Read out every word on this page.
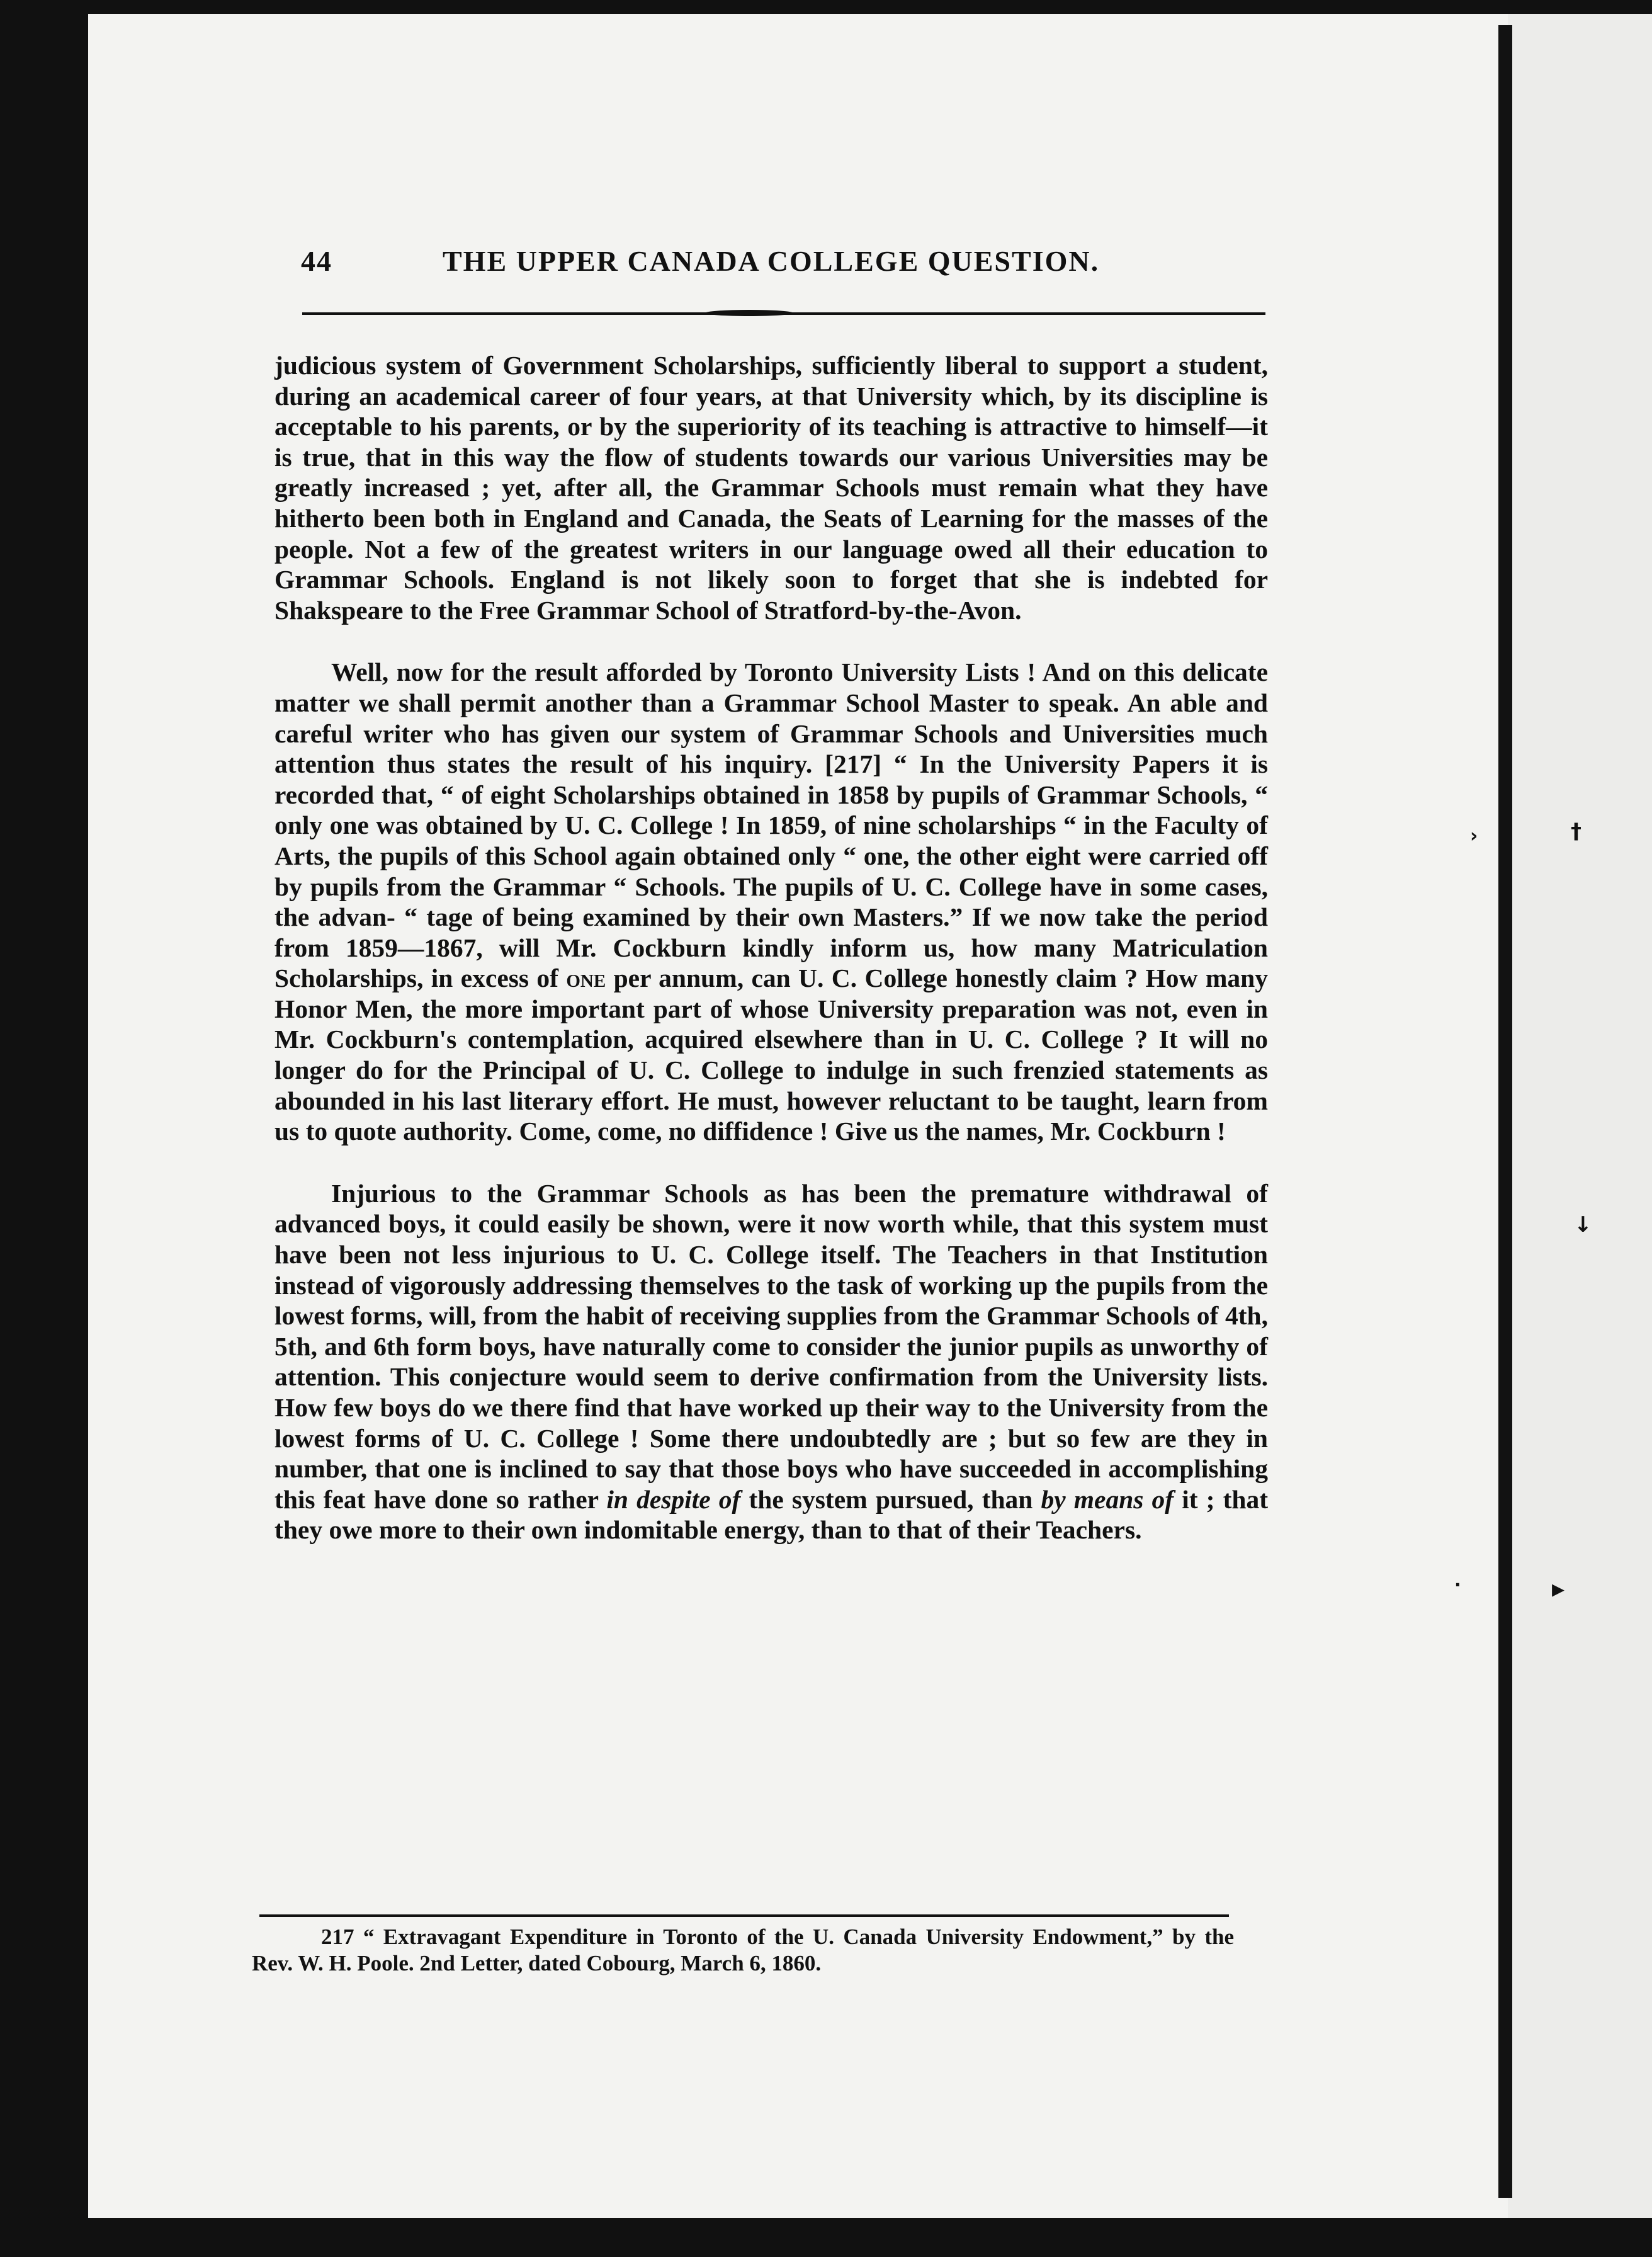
44	THE UPPER CANADA COLLEGE QUESTION.

judicious system of Government Scholarships, sufficiently liberal to support a student, during an academical career of four years, at that University which, by its discipline is acceptable to his parents, or by the superiority of its teaching is attractive to himself—it is true, that in this way the flow of students towards our various Universities may be greatly increased ; yet, after all, the Grammar Schools must remain what they have hitherto been both in England and Canada, the Seats of Learning for the masses of the people. Not a few of the greatest writers in our language owed all their education to Grammar Schools. England is not likely soon to forget that she is indebted for Shakspeare to the Free Grammar School of Stratford-by-the-Avon.

Well, now for the result afforded by Toronto University Lists ! And on this delicate matter we shall permit another than a Grammar School Master to speak. An able and careful writer who has given our system of Grammar Schools and Universities much attention thus states the result of his inquiry. [217] “ In the University Papers it is recorded that, “ of eight Scholarships obtained in 1858 by pupils of Grammar Schools, “ only one was obtained by U. C. College ! In 1859, of nine scholarships “ in the Faculty of Arts, the pupils of this School again obtained only “ one, the other eight were carried off by pupils from the Grammar “ Schools. The pupils of U. C. College have in some cases, the advan- “ tage of being examined by their own Masters.” If we now take the period from 1859—1867, will Mr. Cockburn kindly inform us, how many Matriculation Scholarships, in excess of one per annum, can U. C. College honestly claim ? How many Honor Men, the more important part of whose University preparation was not, even in Mr. Cockburn's contemplation, acquired elsewhere than in U. C. College ? It will no longer do for the Principal of U. C. College to indulge in such frenzied statements as abounded in his last literary effort. He must, however reluctant to be taught, learn from us to quote authority. Come, come, no diffidence ! Give us the names, Mr. Cockburn !

Injurious to the Grammar Schools as has been the premature withdrawal of advanced boys, it could easily be shown, were it now worth while, that this system must have been not less injurious to U. C. College itself. The Teachers in that Institution instead of vigorously addressing themselves to the task of working up the pupils from the lowest forms, will, from the habit of receiving supplies from the Grammar Schools of 4th, 5th, and 6th form boys, have naturally come to consider the junior pupils as unworthy of attention. This conjecture would seem to derive confirmation from the University lists. How few boys do we there find that have worked up their way to the University from the lowest forms of U. C. College ! Some there undoubtedly are ; but so few are they in number, that one is inclined to say that those boys who have succeeded in accomplishing this feat have done so rather in despite of the system pursued, than by means of it ; that they owe more to their own indomitable energy, than to that of their Teachers.

217 “ Extravagant Expenditure in Toronto of the U. Canada University Endowment,” by the Rev. W. H. Poole. 2nd Letter, dated Cobourg, March 6, 1860.

›	†
↓
▸
·
